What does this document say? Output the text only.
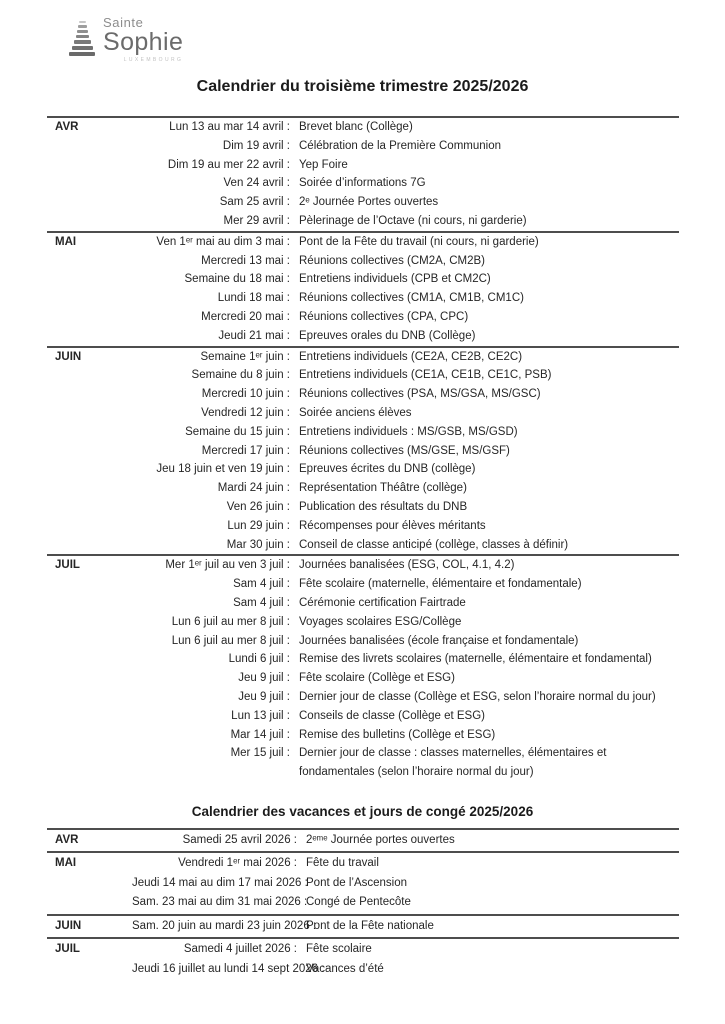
Sainte
Sophie
LUXEMBOURG
Calendrier du troisième trimestre 2025/2026
AVR	Lun 13 au mar 14 avril : Brevet blanc (Collège)
Dim 19 avril : Célébration de la Première Communion
Dim 19 au mer 22 avril : Yep Foire
Ven 24 avril : Soirée d’informations 7G
Sam 25 avril : 2ᵉ Journée Portes ouvertes
Mer 29 avril : Pèlerinage de l’Octave (ni cours, ni garderie)
MAI	Ven 1ᵉʳ mai au dim 3 mai : Pont de la Fête du travail (ni cours, ni garderie)
Mercredi 13 mai : Réunions collectives (CM2A, CM2B)
Semaine du 18 mai : Entretiens individuels (CPB et CM2C)
Lundi 18 mai : Réunions collectives (CM1A, CM1B, CM1C)
Mercredi 20 mai : Réunions collectives (CPA, CPC)
Jeudi 21 mai : Epreuves orales du DNB (Collège)
JUIN	Semaine 1ᵉʳ juin : Entretiens individuels (CE2A, CE2B, CE2C)
Semaine du 8 juin : Entretiens individuels (CE1A, CE1B, CE1C, PSB)
Mercredi 10 juin : Réunions collectives (PSA, MS/GSA, MS/GSC)
Vendredi 12 juin : Soirée anciens élèves
Semaine du 15 juin : Entretiens individuels : MS/GSB, MS/GSD)
Mercredi 17 juin : Réunions collectives (MS/GSE, MS/GSF)
Jeu 18 juin et ven 19 juin : Epreuves écrites du DNB (collège)
Mardi 24 juin : Représentation Théâtre (collège)
Ven 26 juin : Publication des résultats du DNB
Lun 29 juin : Récompenses pour élèves méritants
Mar 30 juin : Conseil de classe anticipé (collège, classes à définir)
JUIL	Mer 1ᵉʳ juil au ven 3 juil : Journées banalisées (ESG, COL, 4.1, 4.2)
Sam 4 juil : Fête scolaire (maternelle, élémentaire et fondamentale)
Sam 4 juil : Cérémonie certification Fairtrade
Lun 6 juil au mer 8 juil : Voyages scolaires ESG/Collège
Lun 6 juil au mer 8 juil : Journées banalisées (école française et fondamentale)
Lundi 6 juil : Remise des livrets scolaires (maternelle, élémentaire et fondamental)
Jeu 9 juil : Fête scolaire (Collège et ESG)
Jeu 9 juil : Dernier jour de classe (Collège et ESG, selon l’horaire normal du jour)
Lun 13 juil : Conseils de classe (Collège et ESG)
Mar 14 juil : Remise des bulletins (Collège et ESG)
Mer 15 juil : Dernier jour de classe : classes maternelles, élémentaires et fondamentales (selon l’horaire normal du jour)
Calendrier des vacances et jours de congé 2025/2026
AVR	Samedi 25 avril 2026 : 2ᵉᵐᵉ Journée portes ouvertes
MAI	Vendredi 1ᵉʳ mai 2026 : Fête du travail
Jeudi 14 mai au dim 17 mai 2026 :
Pont de l’Ascension
Sam. 23 mai au dim 31 mai 2026 :
Congé de Pentecôte
JUIN	Sam. 20 juin au mardi 23 juin 2026 :
Pont de la Fête nationale
JUIL	Samedi 4 juillet 2026 : Fête scolaire
Jeudi 16 juillet au lundi 14 sept 2026 :
Vacances d’été
